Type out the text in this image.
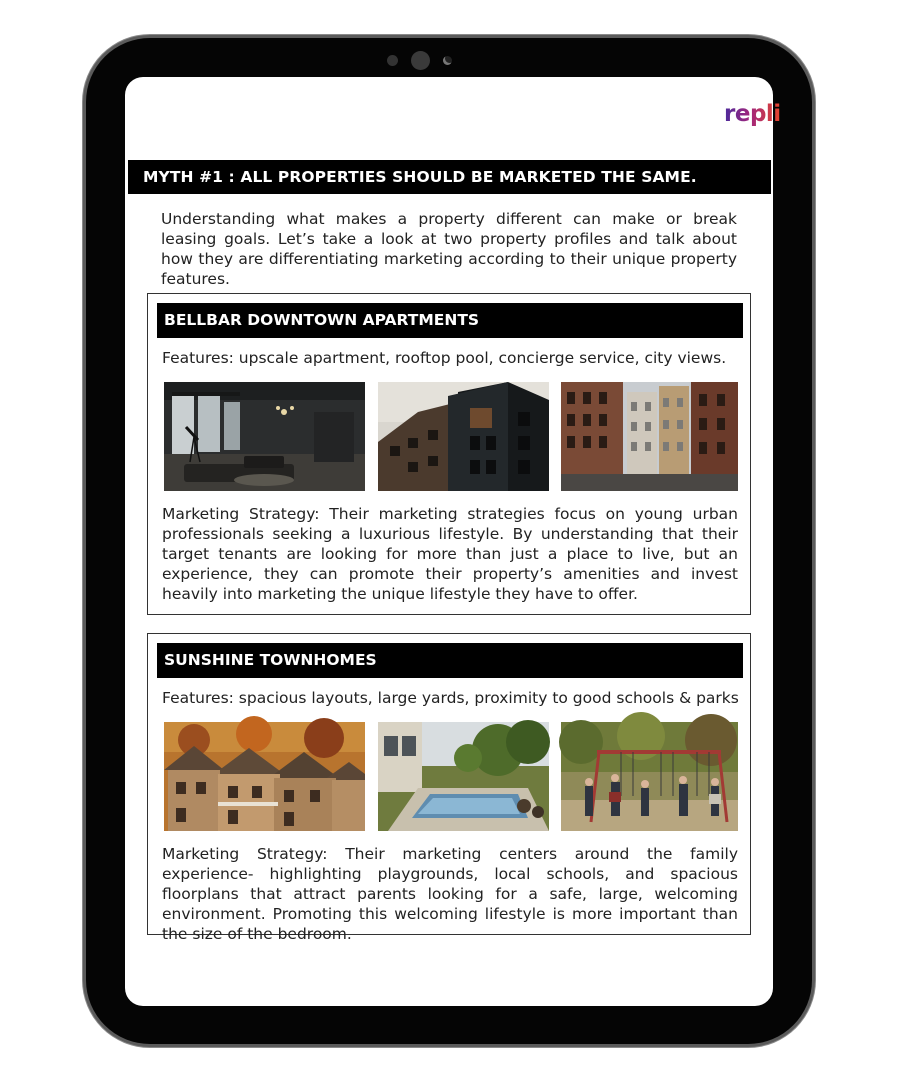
repli
MYTH #1 : ALL PROPERTIES SHOULD BE MARKETED THE SAME.

Understanding what makes a property different can make or break leasing goals. Let’s take a look at two property profiles and talk about how they are differentiating marketing according to their unique property features.

BELLBAR DOWNTOWN APARTMENTS
Features: upscale apartment, rooftop pool, concierge service, city views.

Marketing Strategy: Their marketing strategies focus on young urban professionals seeking a luxurious lifestyle. By understanding that their target tenants are looking for more than just a place to live, but an experience, they can promote their property’s amenities and invest heavily into marketing the unique lifestyle they have to offer.

SUNSHINE TOWNHOMES
Features: spacious layouts, large yards, proximity to good schools & parks

Marketing Strategy: Their marketing centers around the family experience- highlighting playgrounds, local schools, and spacious floorplans that attract parents looking for a safe, large, welcoming environment. Promoting this welcoming lifestyle is more important than the size of the bedroom.
